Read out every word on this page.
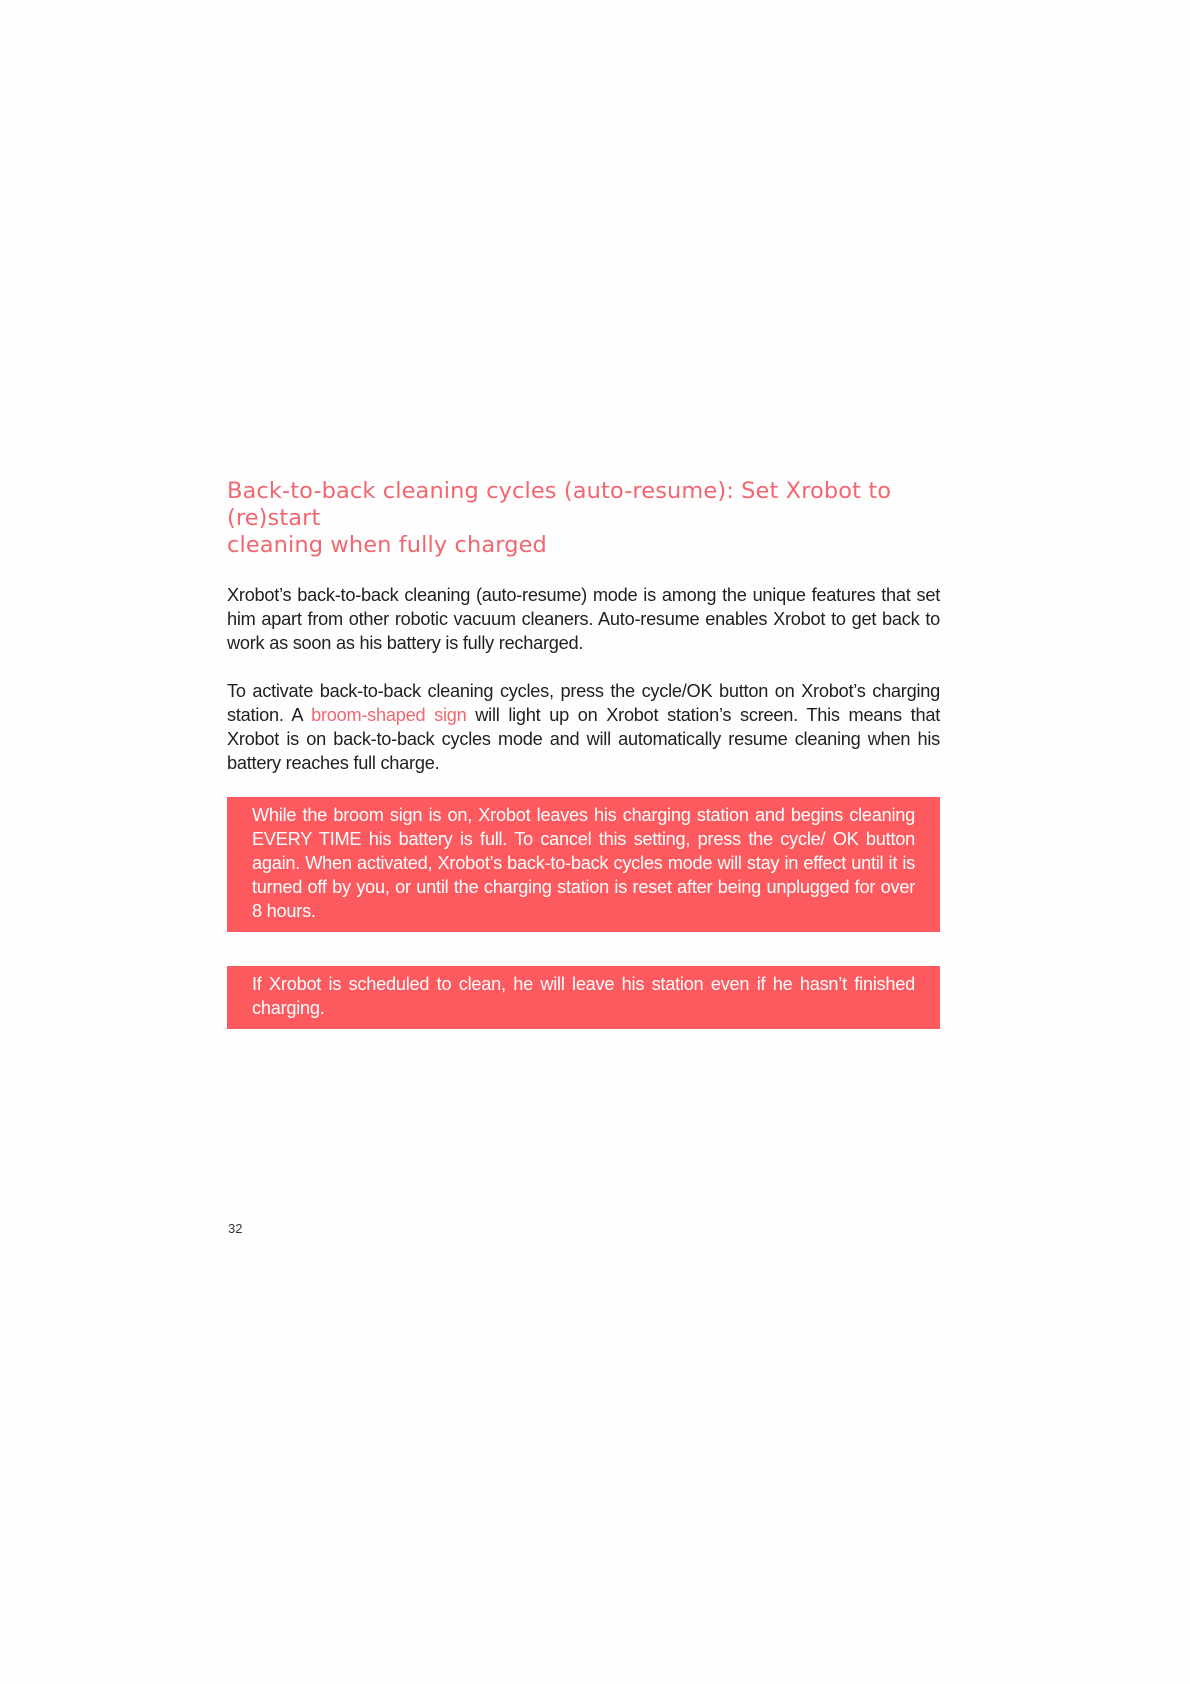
Back-to-back cleaning cycles (auto-resume): Set Xrobot to (re)start
cleaning when fully charged

Xrobot’s back-to-back cleaning (auto-resume) mode is among the unique features that set him apart from other robotic vacuum cleaners. Auto-resume enables Xrobot to get back to work as soon as his battery is fully recharged.

To activate back-to-back cleaning cycles, press the cycle/OK button on Xrobot’s charging station. A broom-shaped sign will light up on Xrobot station’s screen. This means that Xrobot is on back-to-back cycles mode and will automatically resume cleaning when his battery reaches full charge.

While the broom sign is on, Xrobot leaves his charging station and begins cleaning EVERY TIME his battery is full. To cancel this setting, press the cycle/ OK button again. When activated, Xrobot’s back-to-back cycles mode will stay in effect until it is turned off by you, or until the charging station is reset after being unplugged for over 8 hours.
If Xrobot is scheduled to clean, he will leave his station even if he hasn’t finished charging.
32
